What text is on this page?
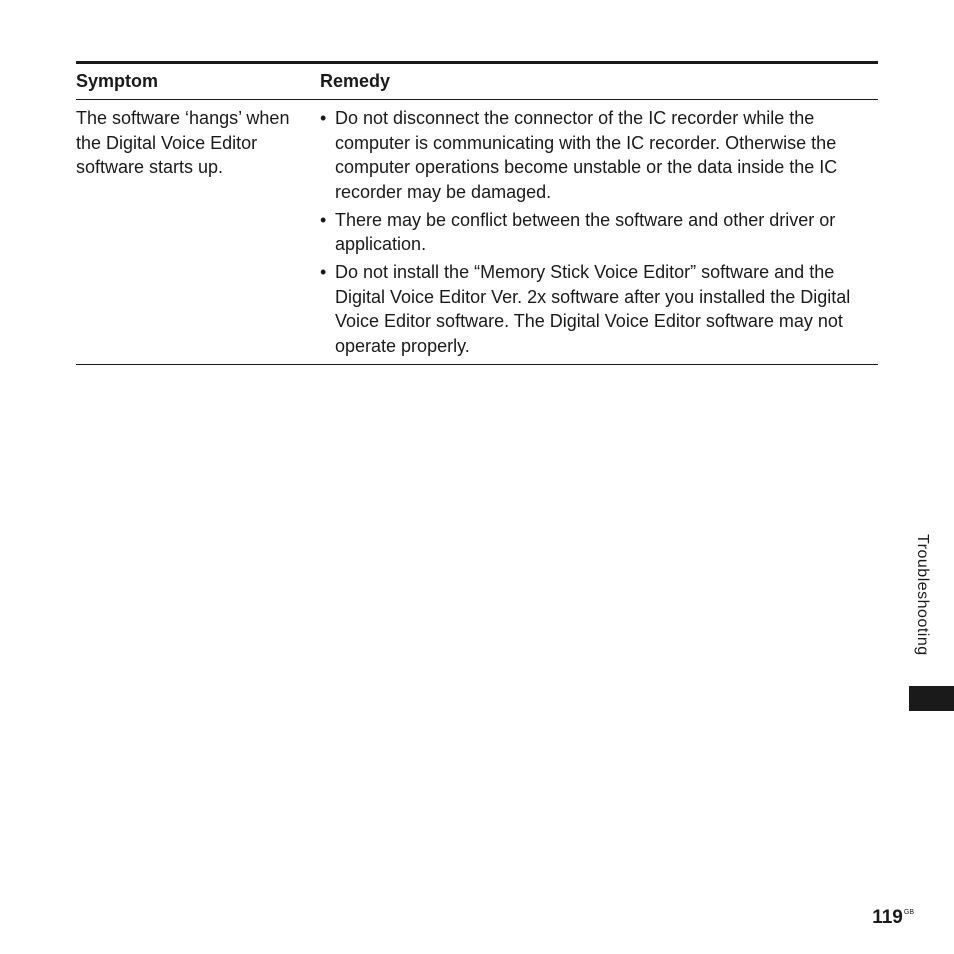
Symptom	Remedy
The software ‘hangs’ when the Digital Voice Editor software starts up.
• Do not disconnect the connector of the IC recorder while the computer is communicating with the IC recorder. Otherwise the computer operations become unstable or the data inside the IC recorder may be damaged.
• There may be conflict between the software and other driver or application.
• Do not install the “Memory Stick Voice Editor” software and the Digital Voice Editor Ver. 2x software after you installed the Digital Voice Editor software. The Digital Voice Editor software may not operate properly.
Troubleshooting
$119^{GB}$
